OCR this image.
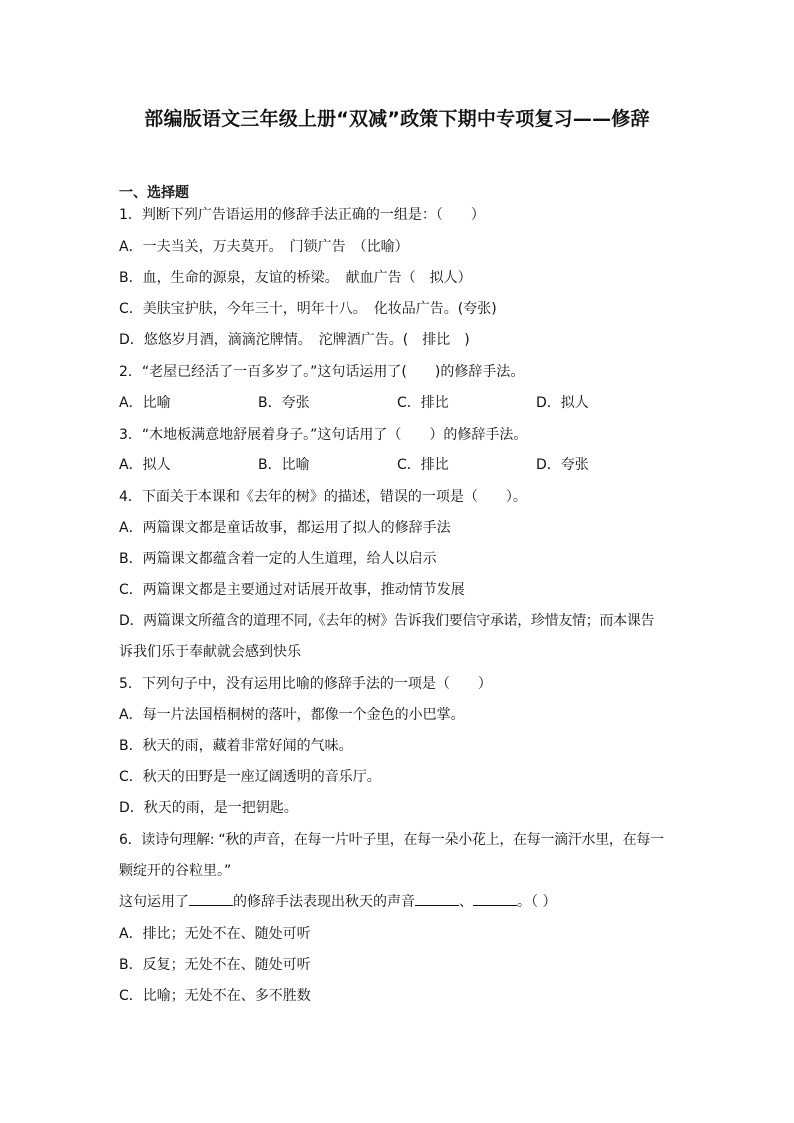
部编版语文三年级上册“双减”政策下期中专项复习——修辞
一、选择题
1．判断下列广告语运用的修辞手法正确的一组是：（　　）
A．一夫当关，万夫莫开。　门锁广告　（比喻）
B．血，生命的源泉，友谊的桥梁。　献血广告（　拟人）
C．美肤宝护肤，今年三十，明年十八。　化妆品广告。(夸张)
D．悠悠岁月酒，滴滴沱牌情。　沱牌酒广告。(　排比　)
2．“老屋已经活了一百多岁了。”这句话运用了(　　)的修辞手法。
A．比喻	B．夸张	C．排比	D．拟人
3．“木地板满意地舒展着身子。”这句话用了（　　）的修辞手法。
A．拟人	B．比喻	C．排比	D．夸张
4．下面关于本课和《去年的树》的描述，错误的一项是（　　）。
A．两篇课文都是童话故事，都运用了拟人的修辞手法
B．两篇课文都蕴含着一定的人生道理，给人以启示
C．两篇课文都是主要通过对话展开故事，推动情节发展
D．两篇课文所蕴含的道理不同,《去年的树》告诉我们要信守承诺，珍惜友情；而本课告
诉我们乐于奉献就会感到快乐
5．下列句子中，没有运用比喻的修辞手法的一项是（　　）
A．每一片法国梧桐树的落叶，都像一个金色的小巴掌。
B．秋天的雨，藏着非常好闻的气味。
C．秋天的田野是一座辽阔透明的音乐厅。
D．秋天的雨，是一把钥匙。
6．读诗句理解: “秋的声音，在每一片叶子里，在每一朵小花上，在每一滴汗水里，在每一
颗绽开的谷粒里。”
这句运用了	的修辞手法表现出秋天的声音	、	。（ ）
A．排比；无处不在、随处可听
B．反复；无处不在、随处可听
C．比喻；无处不在、多不胜数
